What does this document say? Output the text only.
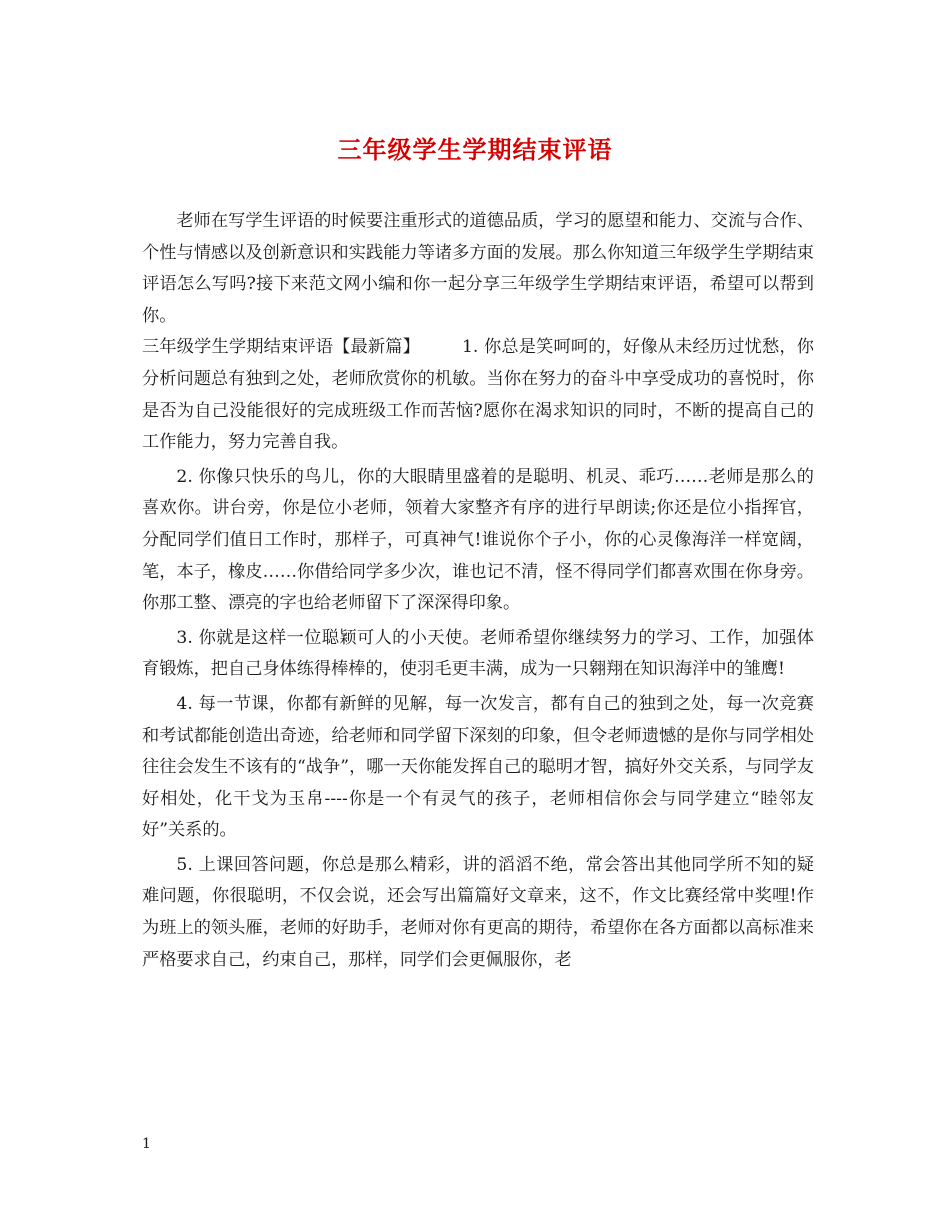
三年级学生学期结束评语

老师在写学生评语的时候要注重形式的道德品质，学习的愿望和能力、交流与合作、个性与情感以及创新意识和实践能力等诸多方面的发展。那么你知道三年级学生学期结束评语怎么写吗?接下来范文网小编和你一起分享三年级学生学期结束评语，希望可以帮到你。

三年级学生学期结束评语【最新篇】 1. 你总是笑呵呵的，好像从未经历过忧愁，你分析问题总有独到之处，老师欣赏你的机敏。当你在努力的奋斗中享受成功的喜悦时，你是否为自己没能很好的完成班级工作而苦恼?愿你在渴求知识的同时，不断的提高自己的工作能力，努力完善自我。

2. 你像只快乐的鸟儿，你的大眼睛里盛着的是聪明、机灵、乖巧……老师是那么的喜欢你。讲台旁，你是位小老师，领着大家整齐有序的进行早朗读;你还是位小指挥官，分配同学们值日工作时，那样子，可真神气!谁说你个子小，你的心灵像海洋一样宽阔，笔，本子，橡皮……你借给同学多少次，谁也记不清，怪不得同学们都喜欢围在你身旁。你那工整、漂亮的字也给老师留下了深深得印象。

3. 你就是这样一位聪颖可人的小天使。老师希望你继续努力的学习、工作，加强体育锻炼，把自己身体练得棒棒的，使羽毛更丰满，成为一只翱翔在知识海洋中的雏鹰!

4. 每一节课，你都有新鲜的见解，每一次发言，都有自己的独到之处，每一次竞赛和考试都能创造出奇迹，给老师和同学留下深刻的印象，但令老师遗憾的是你与同学相处往往会发生不该有的“战争”，哪一天你能发挥自己的聪明才智，搞好外交关系，与同学友好相处，化干戈为玉帛----你是一个有灵气的孩子，老师相信你会与同学建立“睦邻友好”关系的。

5. 上课回答问题，你总是那么精彩，讲的滔滔不绝，常会答出其他同学所不知的疑难问题，你很聪明，不仅会说，还会写出篇篇好文章来，这不，作文比赛经常中奖哩!作为班上的领头雁，老师的好助手，老师对你有更高的期待，希望你在各方面都以高标准来严格要求自己，约束自己，那样，同学们会更佩服你，老

1
